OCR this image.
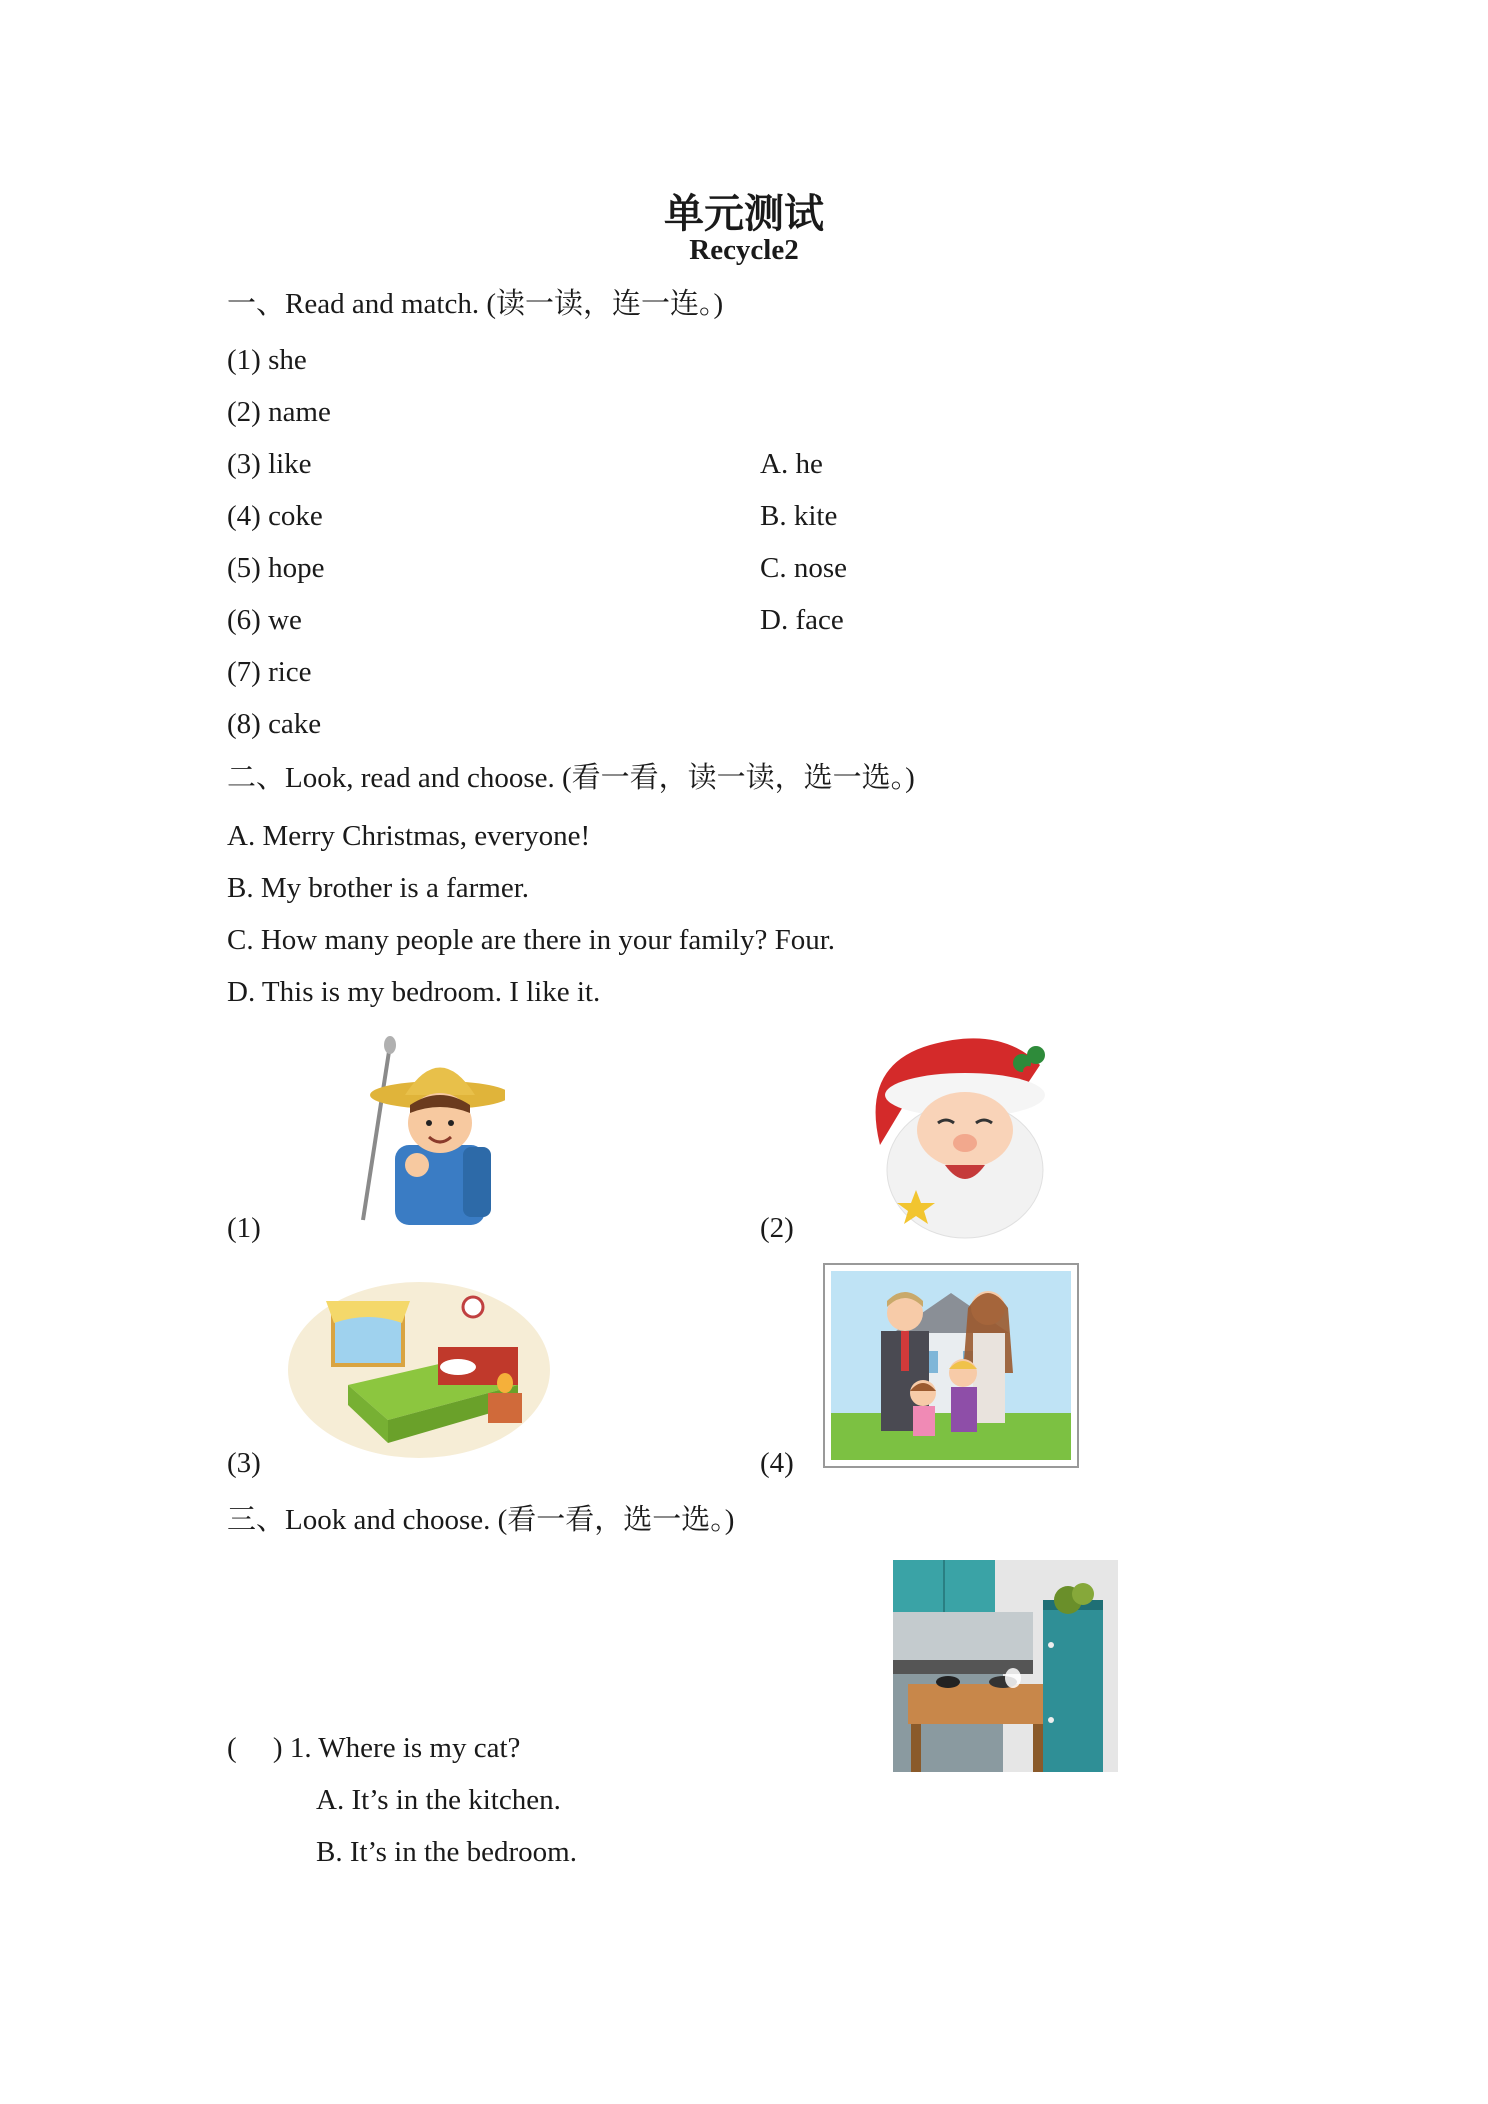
单元测试
Recycle2
一、Read and match. (读一读，连一连。)
(1) she
(2) name
(3) like
(4) coke
(5) hope
(6) we
(7) rice
(8) cake
A. he
B. kite
C. nose
D. face
二、Look, read and choose. (看一看，读一读，选一选。)
A. Merry Christmas, everyone!
B. My brother is a farmer.
C. How many people are there in your family? Four.
D. This is my bedroom. I like it.
(1)	(2)
(3)	(4)
三、Look and choose. (看一看，选一选。)
(　 ) 1. Where is my cat?
A. It’s in the kitchen.
B. It’s in the bedroom.
